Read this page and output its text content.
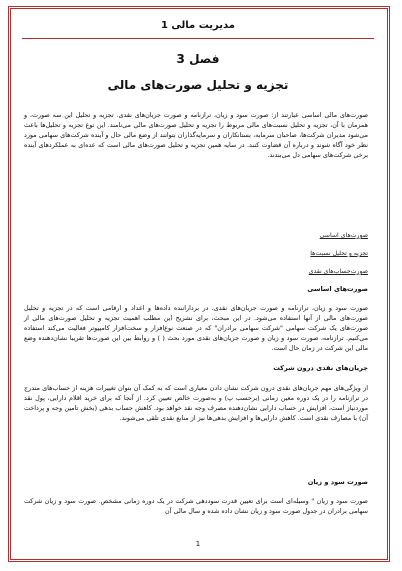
مدیریت مالی 1
فصل 3
تجزیه و تحلیل صورت‌های مالی
صورت‌های مالی اساسی عبارتند از: صورت سود و زیان، ترازنامه و صورت جریان‌های نقدی. تجزیه و تحلیل این سه صورت، و همزمان با آن، تجزیه و تحلیل نسبت‌های مالی مربوط را تجزیه و تحلیل صورت‌های مالی می‌نامند. این نوع تجزیه و تحلیل‌ها باعث می‌شود مدیران شرکت‌ها، صاحبان سرمایه، بستانکاران و سرمایه‌گذاران بتوانند از وضع مالی حال و آینده شرکت‌های سهامی مورد نظر خود آگاه شوند و درباره آن قضاوت کنند. در سایه همین تجزیه و تحلیل صورت‌های مالی است که عده‌ای به عملکرد‌های آینده برخی شرکت‌های سهامی دل می‌بندند.
صورت‌های اساسی
تجزیه و تحلیل نسبت‌ها
صورت‌حساب‌های نقدی
صورت‌های اساسی
صورت سود و زیان، ترازنامه و صورت جریان‌های نقدی، در برداراننده داده‌ها و اعداد و ارقامی است که در تجزیه و تحلیل صورت‌های مالی از آنها استفاده می‌شود. در این مبحث، برای تشریح این مطلب اهمیت تجزیه و تحلیل صورت‌های مالی از صورت‌های یک شرکت سهامی "شرکت سهامی برادران" که در صنعت نوع‌افزار و سخت‌افزار کامپیوتر فعالیت می‌کند استفاده می‌کنیم. ترازنامه، صورت سود و زیان و صورت جریان‌های نقدی مورد بحث ( ) و روابط بین این صورت‌ها تقریبا نشان‌دهنده وضع مالی این شرکت در زمان حال است.
جریان‌های نقدی درون شرکت
از ویژگی‌های مهم جریان‌های نقدی درون شرکت نشان دادن معیاری است که به کمک آن بتوان تغییرات هزینه از حساب‌های مندرج در ترازنامه را در یک دوره معین زمانی (برحسب پ) و به‌صورت خالص تعیین کرد. از آنجا که برای خرید اقلام دارایی، پول نقد موردنیاز است، افزایش در حساب دارایی نشان‌دهنده مصرف وجه نقد خواهد بود. کاهش حساب بدهی (بخش تامین وجه و پرداخت آن) با مصارف نقدی است. کاهش دارایی‌ها و افزایش بدهی‌ها نیز از منابع نقدی تلقی می‌شوند.
صورت سود و زیان
صورت سود و زیان " وسیله‌ای است برای تعیین قدرت سوددهی شرکت در یک دوره زمانی مشخص. صورت سود و زیان شرکت سهامی برادران در جدول صورت سود و زیان نشان داده شده و سال مالی آن
1
